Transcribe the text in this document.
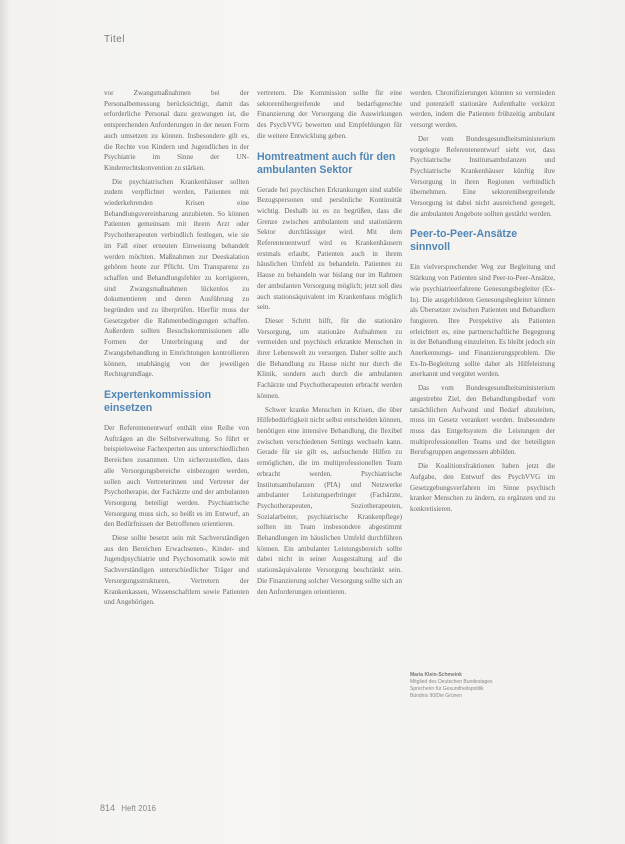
Titel

vor Zwangsmaßnahmen bei der Personalbemessung berücksichtigt, damit das erforderliche Personal dazu gezwungen ist, die entsprechenden Anforderungen in der neuen Form auch umsetzen zu können. Insbesondere gilt es, die Rechte von Kindern und Jugendlichen in der Psychiatrie im Sinne der UN-Kinderrechtskonvention zu stärken.

Die psychiatrischen Krankenhäuser sollten zudem verpflichtet werden, Patienten mit wiederkehrenden Krisen eine Behandlungsvereinbarung anzubieten. So können Patienten gemeinsam mit ihrem Arzt oder Psychotherapeuten verbindlich festlegen, wie sie im Fall einer erneuten Einweisung behandelt werden möchten. Maßnahmen zur Deeskalation gehören heute zur Pflicht. Um Transparenz zu schaffen und Behandlungsfehler zu korrigieren, sind Zwangsmaßnahmen lückenlos zu dokumentieren und deren Ausführung zu begründen und zu überprüfen. Hierfür muss der Gesetzgeber die Rahmenbedingungen schaffen. Außerdem sollten Besuchskommissionen alle Formen der Unterbringung und der Zwangsbehandlung in Einrichtungen kontrollieren können, unabhängig von der jeweiligen Rechtsgrundlage.

Expertenkommission einsetzen

Der Referentenentwurf enthält eine Reihe von Aufträgen an die Selbstverwaltung. So führt er beispielsweise Fachexperten aus unterschiedlichen Bereichen zusammen. Um sicherzustellen, dass alle Versorgungsbereiche einbezogen werden, sollen auch Vertreterinnen und Vertreter der Psychotherapie, der Fachärzte und der ambulanten Versorgung beteiligt werden. Psychiatrische Versorgung muss sich, so heißt es im Entwurf, an den Bedürfnissen der Betroffenen orientieren.

Diese sollte besetzt sein mit Sachverständigen aus den Bereichen Erwachsenen-, Kinder- und Jugendpsychiatrie und Psychosomatik sowie mit Sachverständigen unterschiedlicher Träger und Versorgungsstrukturen, Vertretern der Krankenkassen, Wissenschaftlern sowie Patienten und Angehörigen.

vertretern. Die Kommission sollte für eine sektorenübergreifende und bedarfsgerechte Finanzierung der Versorgung die Auswirkungen des PsychVVG bewerten und Empfehlungen für die weitere Entwicklung geben.

Homtreatment auch für den ambulanten Sektor

Gerade bei psychischen Erkrankungen sind stabile Bezugspersonen und persönliche Kontinuität wichtig. Deshalb ist es zu begrüßen, dass die Grenze zwischen ambulantem und stationärem Sektor durchlässiger wird. Mit dem Referentenentwurf wird es Krankenhäusern erstmals erlaubt, Patienten auch in ihrem häuslichen Umfeld zu behandeln. Patienten zu Hause zu behandeln war bislang nur im Rahmen der ambulanten Versorgung möglich; jetzt soll dies auch stationsäquivalent im Krankenhaus möglich sein.

Dieser Schritt hilft, für die stationäre Versorgung, um stationäre Aufnahmen zu vermeiden und psychisch erkrankte Menschen in ihrer Lebenswelt zu versorgen. Daher sollte auch die Behandlung zu Hause nicht nur durch die Klinik, sondern auch durch die ambulanten Fachärzte und Psychotherapeuten erbracht werden können.

Schwer kranke Menschen in Krisen, die über Hilfebedürftigkeit nicht selbst entscheiden können, benötigen eine intensive Behandlung, die flexibel zwischen verschiedenen Settings wechseln kann. Gerade für sie gilt es, aufsuchende Hilfen zu ermöglichen, die im multiprofessionellen Team erbracht werden. Psychiatrische Institutsambulanzen (PIA) und Netzwerke ambulanter Leistungserbringer (Fachärzte, Psychotherapeuten, Soziotherapeuten, Sozialarbeiter, psychiatrische Krankenpflege) sollten im Team insbesondere abgestimmt Behandlungen im häuslichen Umfeld durchführen können. Ein ambulanter Leistungsbereich sollte dabei nicht in seiner Ausgestaltung auf die stationsäquivalente Versorgung beschränkt sein. Die Finanzierung solcher Versorgung sollte sich an den Anforderungen orientieren.

werden. Chronifizierungen könnten so vermieden und potenziell stationäre Aufenthalte verkürzt werden, indem die Patienten frühzeitig ambulant versorgt werden.

Der vom Bundesgesundheitsministerium vorgelegte Referentenentwurf sieht vor, dass Psychiatrische Institutsambulanzen und Psychiatrische Krankenhäuser künftig ihre Versorgung in ihren Regionen verbindlich übernehmen. Eine sektorenübergreifende Versorgung ist dabei nicht ausreichend geregelt, die ambulanten Angebote sollten gestärkt werden.

Peer-to-Peer-Ansätze sinnvoll

Ein vielversprechender Weg zur Begleitung und Stärkung von Patienten sind Peer-to-Peer-Ansätze, wie psychiatrieerfahrene Genesungsbegleiter (Ex-In). Die ausgebildeten Genesungsbegleiter können als Übersetzer zwischen Patienten und Behandlern fungieren. Ihre Perspektive als Patienten erleichtert es, eine partnerschaftliche Begegnung in der Behandlung einzuleiten. Es bleibt jedoch ein Anerkennungs- und Finanzierungsproblem. Die Ex-In-Begleitung sollte daher als Hilfeleistung anerkannt und vergütet werden.

Das vom Bundesgesundheitsministerium angestrebte Ziel, den Behandlungsbedarf vom tatsächlichen Aufwand und Bedarf abzuleiten, muss im Gesetz verankert werden. Insbesondere muss das Entgeltsystem die Leistungen der multiprofessionellen Teams und der beteiligten Berufsgruppen angemessen abbilden.

Die Koalitionsfraktionen haben jetzt die Aufgabe, den Entwurf des PsychVVG im Gesetzgebungsverfahren im Sinne psychisch kranker Menschen zu ändern, zu ergänzen und zu konkretisieren.

Maria Klein-Schmeink
Mitglied des Deutschen Bundestages
Sprecherin für Gesundheitspolitik
Bündnis 90/Die Grünen
814 Heft 2016
